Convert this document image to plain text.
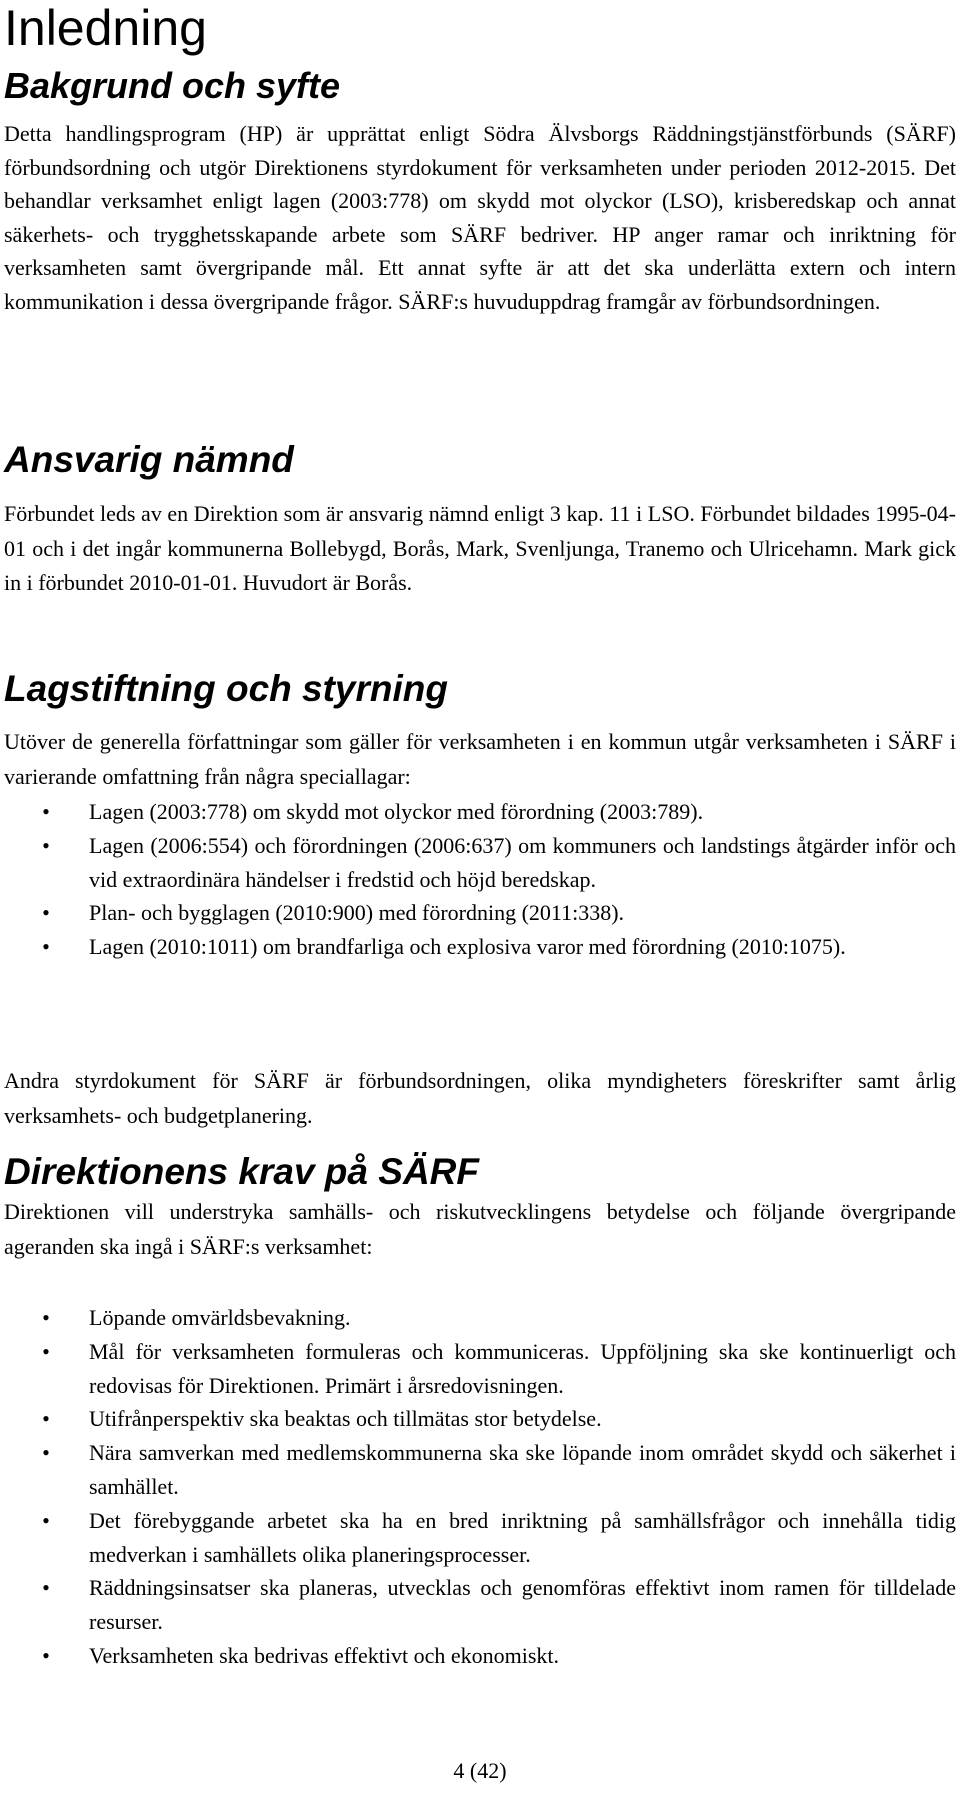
Inledning
Bakgrund och syfte

Detta handlingsprogram (HP) är upprättat enligt Södra Älvsborgs Räddningstjänstförbunds (SÄRF) förbundsordning och utgör Direktionens styrdokument för verksamheten under perioden 2012-2015. Det behandlar verksamhet enligt lagen (2003:778) om skydd mot olyckor (LSO), krisberedskap och annat säkerhets- och trygghetsskapande arbete som SÄRF bedriver. HP anger ramar och inriktning för verksamheten samt övergripande mål. Ett annat syfte är att det ska underlätta extern och intern kommunikation i dessa övergripande frågor. SÄRF:s huvuduppdrag framgår av förbundsordningen.

Ansvarig nämnd

Förbundet leds av en Direktion som är ansvarig nämnd enligt 3 kap. 11 i LSO. Förbundet bildades 1995-04-01 och i det ingår kommunerna Bollebygd, Borås, Mark, Svenljunga, Tranemo och Ulricehamn. Mark gick in i förbundet 2010-01-01. Huvudort är Borås.

Lagstiftning och styrning

Utöver de generella författningar som gäller för verksamheten i en kommun utgår verksamheten i SÄRF i varierande omfattning från några speciallagar:

• Lagen (2003:778) om skydd mot olyckor med förordning (2003:789).
• Lagen (2006:554) och förordningen (2006:637) om kommuners och landstings åtgärder inför och vid extraordinära händelser i fredstid och höjd beredskap.
• Plan- och bygglagen (2010:900) med förordning (2011:338).
• Lagen (2010:1011) om brandfarliga och explosiva varor med förordning (2010:1075).

Andra styrdokument för SÄRF är förbundsordningen, olika myndigheters föreskrifter samt årlig verksamhets- och budgetplanering.

Direktionens krav på SÄRF

Direktionen vill understryka samhälls- och riskutvecklingens betydelse och följande övergripande ageranden ska ingå i SÄRF:s verksamhet:

• Löpande omvärldsbevakning.
• Mål för verksamheten formuleras och kommuniceras. Uppföljning ska ske kontinuerligt och redovisas för Direktionen. Primärt i årsredovisningen.
• Utifrånperspektiv ska beaktas och tillmätas stor betydelse.
• Nära samverkan med medlemskommunerna ska ske löpande inom området skydd och säkerhet i samhället.
• Det förebyggande arbetet ska ha en bred inriktning på samhällsfrågor och innehålla tidig medverkan i samhällets olika planeringsprocesser.
• Räddningsinsatser ska planeras, utvecklas och genomföras effektivt inom ramen för tilldelade resurser.
• Verksamheten ska bedrivas effektivt och ekonomiskt.
4 (42)
